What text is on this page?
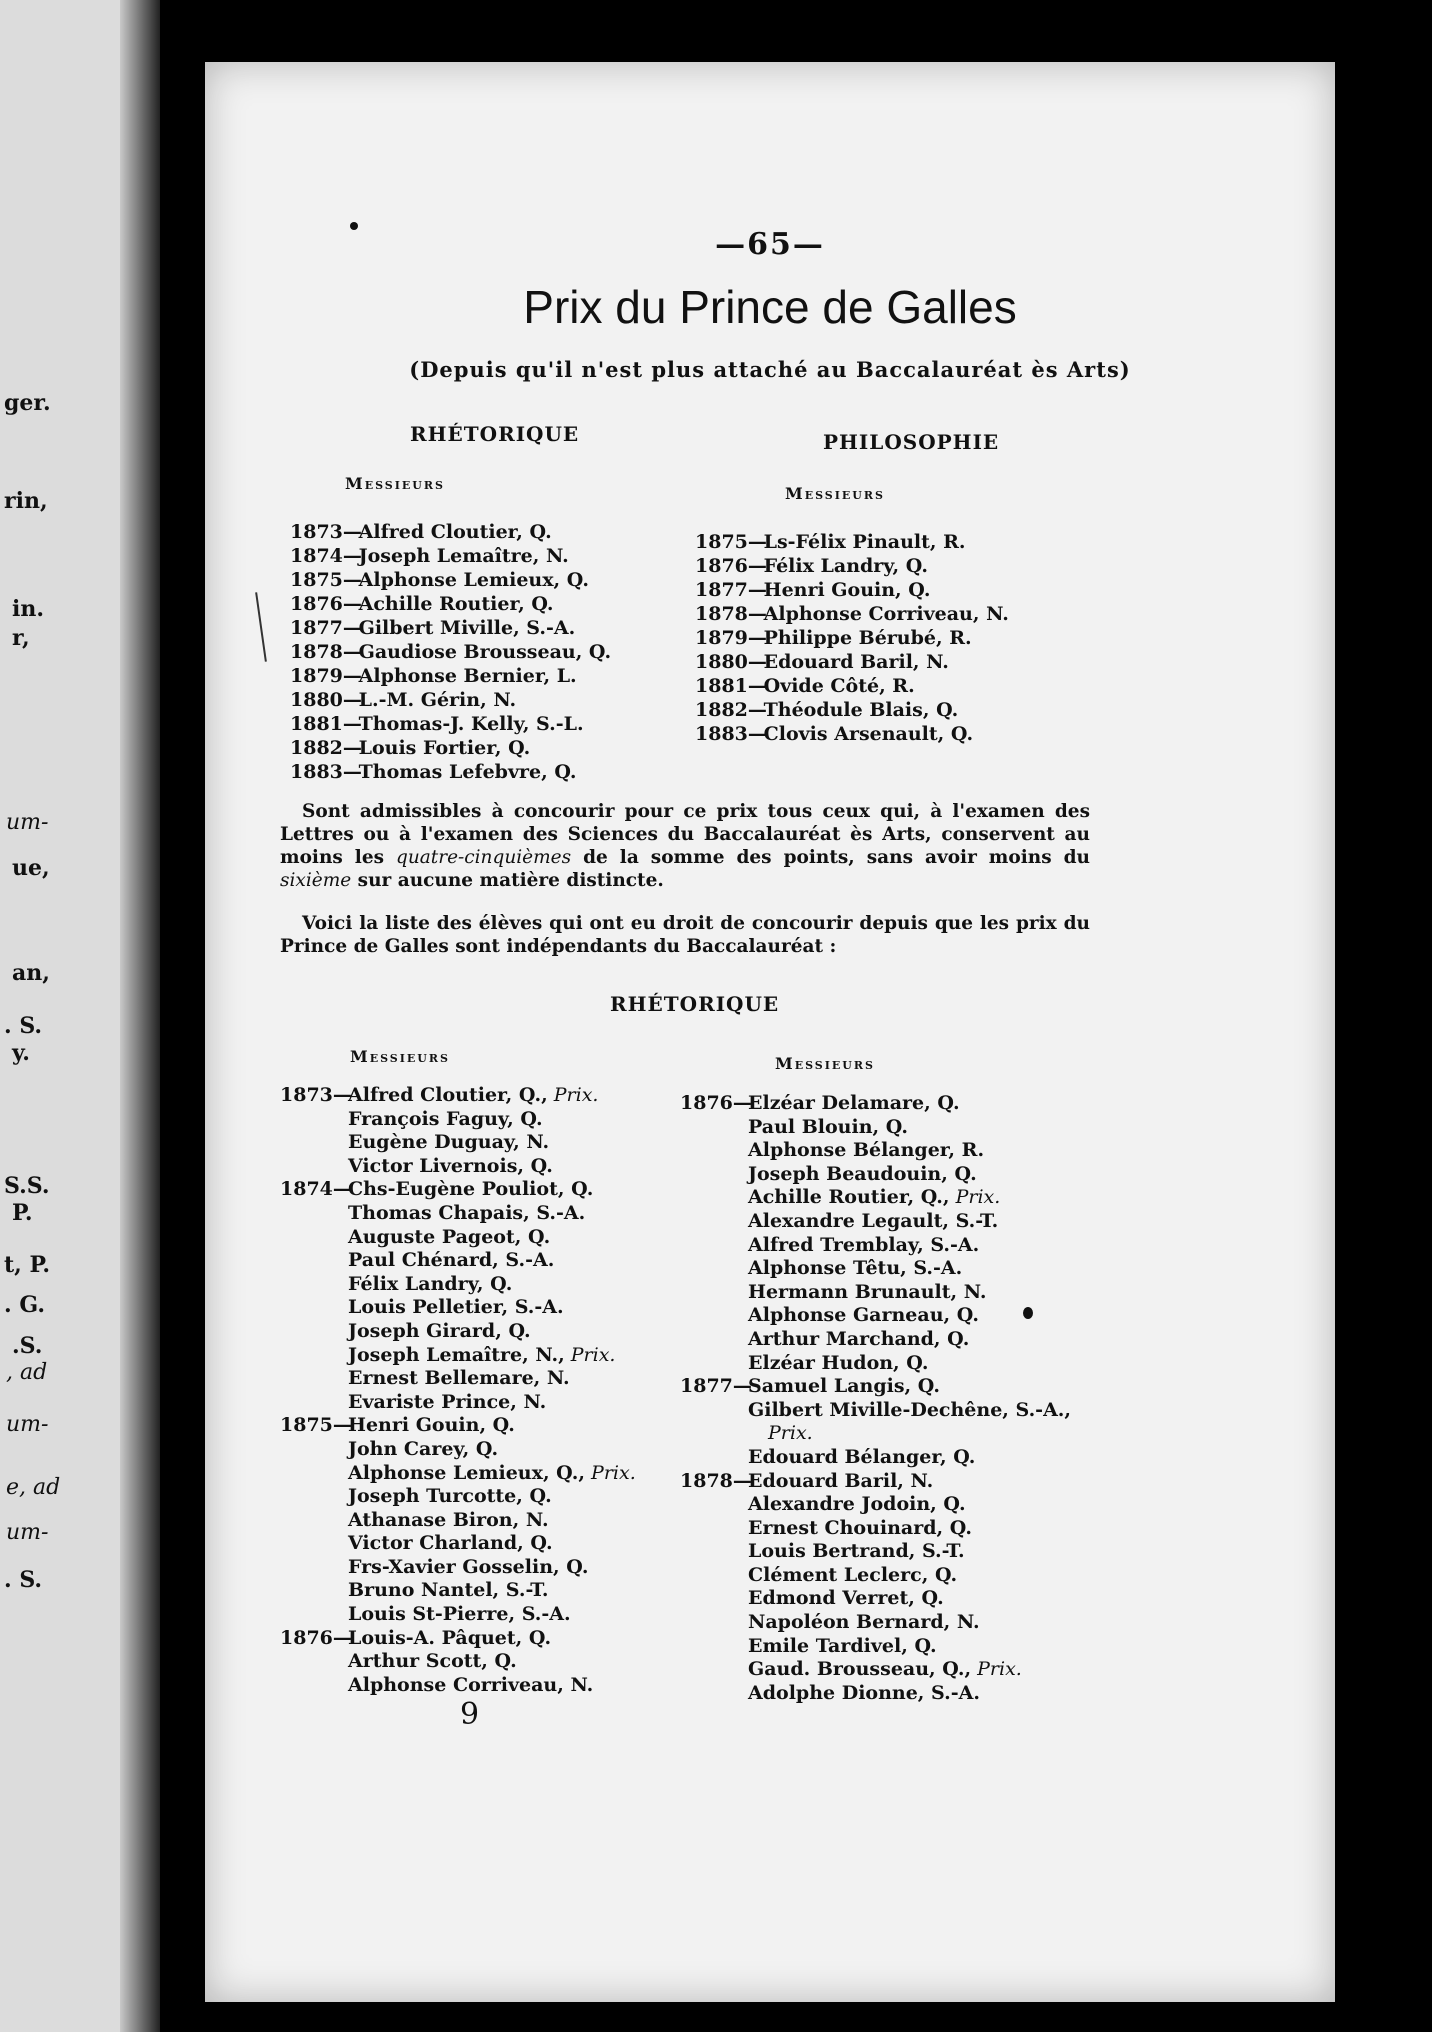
ger.
rin,
in.
r,
ue,
an,
. S.
y.
S.S.
P.
t, P.
. G.
.S.
. S.
um-
, ad
um-
e, ad
um-
—65—
Prix du Prince de Galles
(Depuis qu'il n'est plus attaché au Baccalauréat ès Arts)
RHÉTORIQUE	PHILOSOPHIE
Messieurs
Messieurs
1873— Alfred Cloutier, Q.
1874— Joseph Lemaître, N.
1875— Alphonse Lemieux, Q.
1876— Achille Routier, Q.
1877— Gilbert Miville, S.-A.
1878— Gaudiose Brousseau, Q.
1879— Alphonse Bernier, L.
1880— L.-M. Gérin, N.
1881— Thomas-J. Kelly, S.-L.
1882— Louis Fortier, Q.
1883— Thomas Lefebvre, Q.
1875— Ls-Félix Pinault, R.
1876— Félix Landry, Q.
1877— Henri Gouin, Q.
1878— Alphonse Corriveau, N.
1879— Philippe Bérubé, R.
1880— Edouard Baril, N.
1881— Ovide Côté, R.
1882— Théodule Blais, Q.
1883— Clovis Arsenault, Q.
Sont admissibles à concourir pour ce prix tous ceux qui, à l'examen des Lettres ou à l'examen des Sciences du Baccalauréat ès Arts, conservent au moins les quatre-cinquièmes de la somme des points, sans avoir moins du sixième sur aucune matière distincte.
Voici la liste des élèves qui ont eu droit de concourir depuis que les prix du Prince de Galles sont indépendants du Baccalauréat :
RHÉTORIQUE
Messieurs	Messieurs
1873—Alfred Cloutier, Q., Prix.
François Faguy, Q.
Eugène Duguay, N.
Victor Livernois, Q.
1874—Chs-Eugène Pouliot, Q.
Thomas Chapais, S.-A.
Auguste Pageot, Q.
Paul Chénard, S.-A.
Félix Landry, Q.
Louis Pelletier, S.-A.
Joseph Girard, Q.
Joseph Lemaître, N., Prix.
Ernest Bellemare, N.
Evariste Prince, N.
1875—Henri Gouin, Q.
John Carey, Q.
Alphonse Lemieux, Q., Prix.
Joseph Turcotte, Q.
Athanase Biron, N.
Victor Charland, Q.
Frs-Xavier Gosselin, Q.
Bruno Nantel, S.-T.
Louis St-Pierre, S.-A.
1876—Louis-A. Pâquet, Q.
Arthur Scott, Q.
Alphonse Corriveau, N.
1876—Elzéar Delamare, Q.
Paul Blouin, Q.
Alphonse Bélanger, R.
Joseph Beaudouin, Q.
Achille Routier, Q., Prix.
Alexandre Legault, S.-T.
Alfred Tremblay, S.-A.
Alphonse Têtu, S.-A.
Hermann Brunault, N.
Alphonse Garneau, Q.
Arthur Marchand, Q.
Elzéar Hudon, Q.
1877—Samuel Langis, Q.
Gilbert Miville-Dechêne, S.-A.,
Prix.
Edouard Bélanger, Q.
1878—Edouard Baril, N.
Alexandre Jodoin, Q.
Ernest Chouinard, Q.
Louis Bertrand, S.-T.
Clément Leclerc, Q.
Edmond Verret, Q.
Napoléon Bernard, N.
Emile Tardivel, Q.
Gaud. Brousseau, Q., Prix.
Adolphe Dionne, S.-A.
9
